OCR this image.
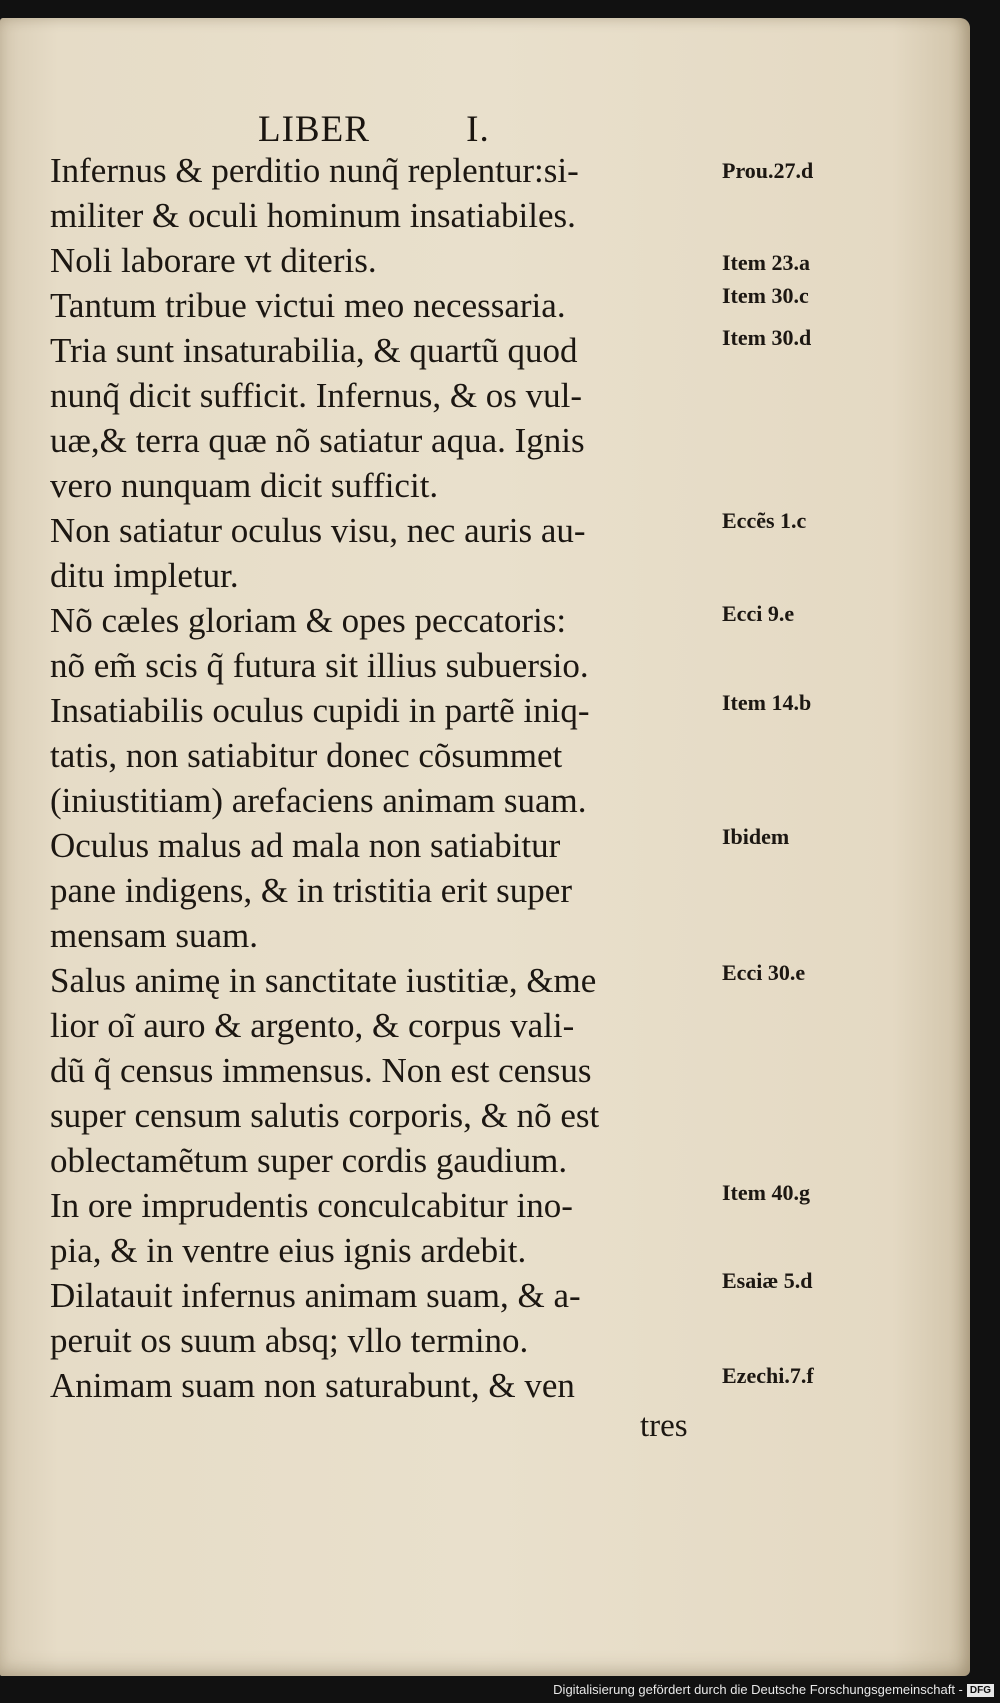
LIBER	I.
Infernus & perditio nunq̃ replentur:si-
militer & oculi hominum insatiabiles.
Noli laborare vt diteris.
Tantum tribue victui meo necessaria.
Tria sunt insaturabilia, & quartũ quod
nunq̃ dicit sufficit. Infernus, & os vul-
uæ,& terra quæ nõ satiatur aqua. Ignis
vero nunquam dicit sufficit.
Non satiatur oculus visu, nec auris au-
ditu impletur.
Nõ cæles gloriam & opes peccatoris:
nõ em̃ scis q̃ futura sit illius subuersio.
Insatiabilis oculus cupidi in partẽ iniq-
tatis, non satiabitur donec cõsummet
(iniustitiam) arefaciens animam suam.
Oculus malus ad mala non satiabitur
pane indigens, & in tristitia erit super
mensam suam.
Salus animę in sanctitate iustitiæ, &me
lior oĩ auro & argento, & corpus vali-
dũ q̃ census immensus. Non est census
super censum salutis corporis, & nõ est
oblectamẽtum super cordis gaudium.
In ore imprudentis conculcabitur ino-
pia, & in ventre eius ignis ardebit.
Dilatauit infernus animam suam, & a-
peruit os suum absq; vllo termino.
Animam suam non saturabunt, & ven
tres
Prou.27.d
Item 23.a
Item 30.c
Item 30.d
Eccẽs 1.c
Ecci 9.e
Item 14.b
Ibidem
Ecci 30.e
Item 40.g
Esaiæ 5.d
Ezechi.7.f
Digitalisierung gefördert durch die Deutsche Forschungsgemeinschaft - DFG
